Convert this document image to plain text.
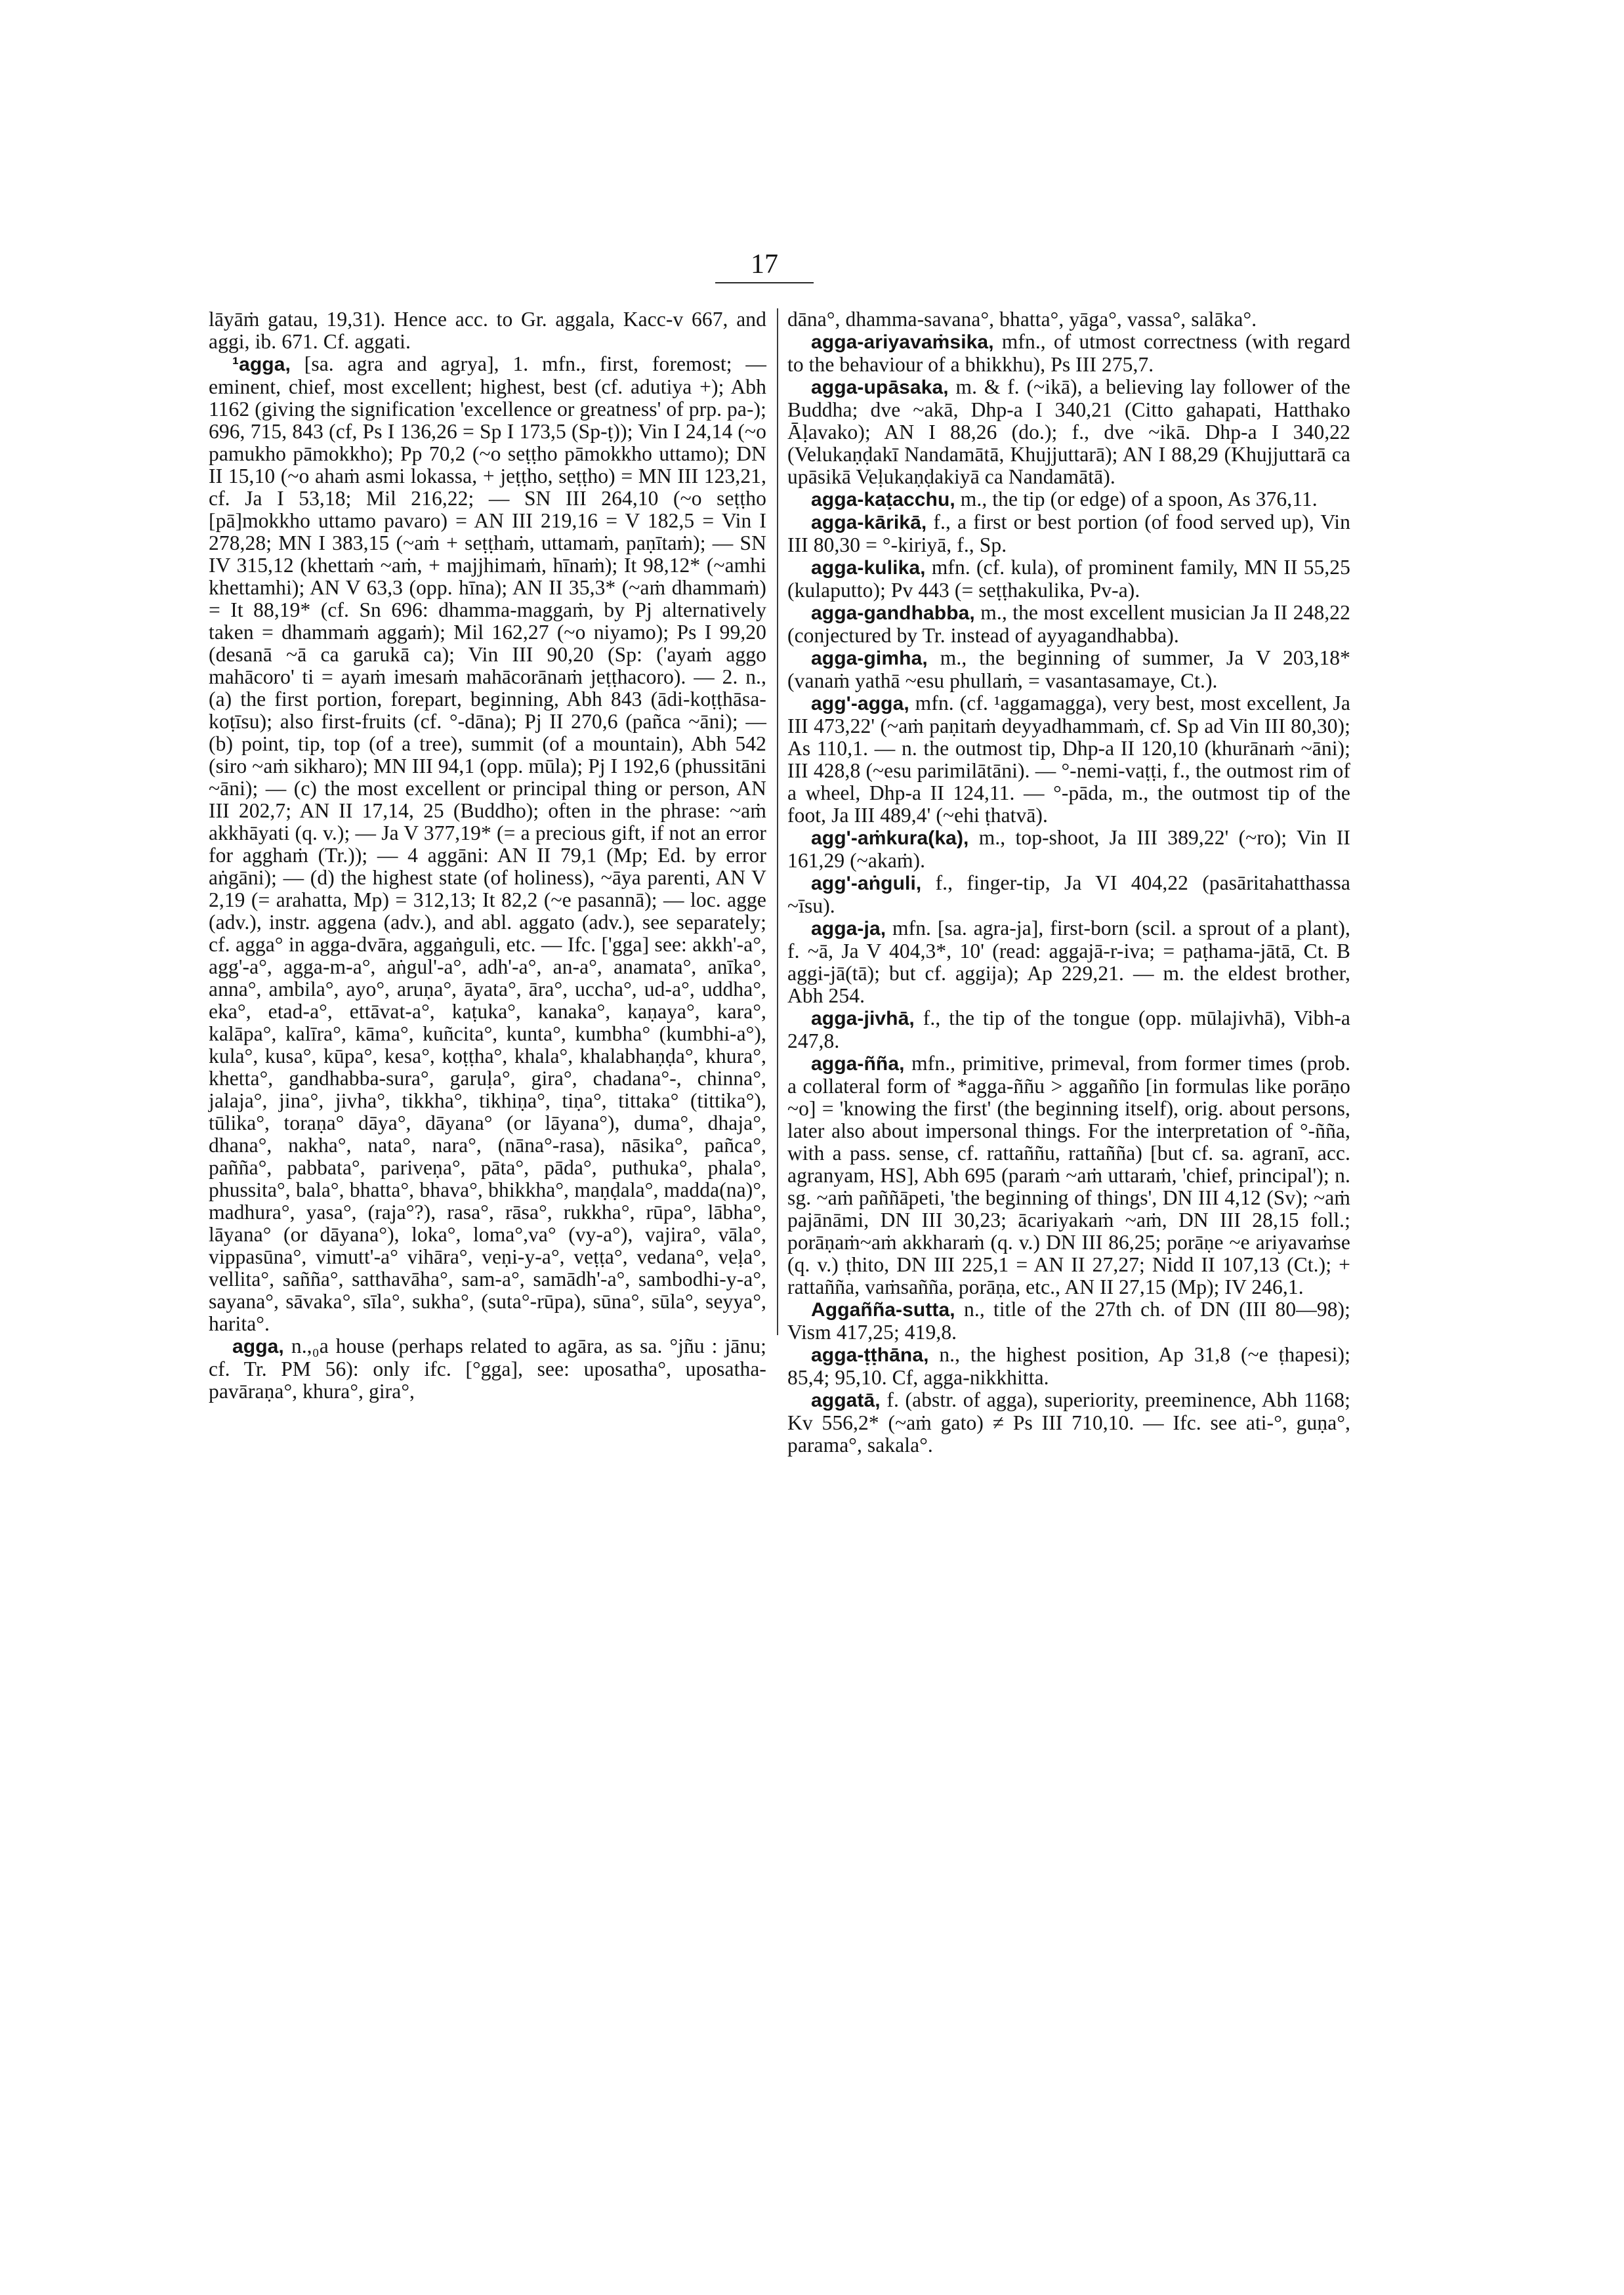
17

lāyāṁ gatau, 19,31). Hence acc. to Gr. aggala, Kacc-v 667, and aggi, ib. 671. Cf. aggati.

¹agga, [sa. agra and agrya], 1. mfn., first, foremost; — eminent, chief, most excellent; highest, best (cf. adutiya +); Abh 1162 (giving the signification 'excellence or greatness' of prp. pa-); 696, 715, 843 (cf, Ps I 136,26 = Sp I 173,5 (Sp-ṭ)); Vin I 24,14 (~o pamukho pāmokkho); Pp 70,2 (~o seṭṭho pāmokkho uttamo); DN II 15,10 (~o ahaṁ asmi lokassa, + jeṭṭho, seṭṭho) = MN III 123,21, cf. Ja I 53,18; Mil 216,22; — SN III 264,10 (~o seṭṭho [pā]mokkho uttamo pavaro) = AN III 219,16 = V 182,5 = Vin I 278,28; MN I 383,15 (~aṁ + seṭṭhaṁ, uttamaṁ, paṇītaṁ); — SN IV 315,12 (khettaṁ ~aṁ, + majjhimaṁ, hīnaṁ); It 98,12* (~amhi khettamhi); AN V 63,3 (opp. hīna); AN II 35,3* (~aṁ dhammaṁ) = It 88,19* (cf. Sn 696: dhamma-maggaṁ, by Pj alternatively taken = dhammaṁ aggaṁ); Mil 162,27 (~o niyamo); Ps I 99,20 (desanā ~ā ca garukā ca); Vin III 90,20 (Sp: ('ayaṁ aggo mahācoro' ti = ayaṁ imesaṁ mahācorānaṁ jeṭṭhacoro). — 2. n., (a) the first portion, forepart, beginning, Abh 843 (ādi-koṭṭhāsa-koṭīsu); also first-fruits (cf. °-dāna); Pj II 270,6 (pañca ~āni); — (b) point, tip, top (of a tree), summit (of a mountain), Abh 542 (siro ~aṁ sikharo); MN III 94,1 (opp. mūla); Pj I 192,6 (phussitāni ~āni); — (c) the most excellent or principal thing or person, AN III 202,7; AN II 17,14, 25 (Buddho); often in the phrase: ~aṁ akkhāyati (q. v.); — Ja V 377,19* (= a precious gift, if not an error for agghaṁ (Tr.)); — 4 aggāni: AN II 79,1 (Mp; Ed. by error aṅgāni); — (d) the highest state (of holiness), ~āya parenti, AN V 2,19 (= arahatta, Mp) = 312,13; It 82,2 (~e pasannā); — loc. agge (adv.), instr. aggena (adv.), and abl. aggato (adv.), see separately; cf. agga° in agga-dvāra, aggaṅguli, etc. — Ifc. ['gga] see: akkh'-a°, agg'-a°, agga-m-a°, aṅgul'-a°, adh'-a°, an-a°, anamata°, anīka°, anna°, ambila°, ayo°, aruṇa°, āyata°, āra°, uccha°, ud-a°, uddha°, eka°, etad-a°, ettāvat-a°, kaṭuka°, kanaka°, kaṇaya°, kara°, kalāpa°, kalīra°, kāma°, kuñcita°, kunta°, kumbha° (kumbhi-a°), kula°, kusa°, kūpa°, kesa°, koṭṭha°, khala°, khalabhaṇḍa°, khura°, khetta°, gandhabba-sura°, garuḷa°, gira°, chadana°-, chinna°, jalaja°, jina°, jivha°, tikkha°, tikhiṇa°, tiṇa°, tittaka° (tittika°), tūlika°, toraṇa° dāya°, dāyana° (or lāyana°), duma°, dhaja°, dhana°, nakha°, nata°, nara°, (nāna°-rasa), nāsika°, pañca°, pañña°, pabbata°, pariveṇa°, pāta°, pāda°, puthuka°, phala°, phussita°, bala°, bhatta°, bhava°, bhikkha°, maṇḍala°, madda(na)°, madhura°, yasa°, (raja°?), rasa°, rāsa°, rukkha°, rūpa°, lābha°, lāyana° (or dāyana°), loka°, loma°,va° (vy-a°), vajira°, vāla°, vippasūna°, vimutt'-a° vihāra°, veṇi-y-a°, veṭṭa°, vedana°, veḷa°, vellita°, sañña°, satthavāha°, sam-a°, samādh'-a°, sambodhi-y-a°, sayana°, sāvaka°, sīla°, sukha°, (suta°-rūpa), sūna°, sūla°, seyya°, harita°.

agga, n.,₀a house (perhaps related to agāra, as sa. °jñu : jānu; cf. Tr. PM 56): only ifc. [°gga], see: uposatha°, uposatha-pavāraṇa°, khura°, gira°,

dāna°, dhamma-savana°, bhatta°, yāga°, vassa°, salāka°.

agga-ariyavaṁsika, mfn., of utmost correctness (with regard to the behaviour of a bhikkhu), Ps III 275,7.

agga-upāsaka, m. & f. (~ikā), a believing lay follower of the Buddha; dve ~akā, Dhp-a I 340,21 (Citto gahapati, Hatthako Āḷavako); AN I 88,26 (do.); f., dve ~ikā. Dhp-a I 340,22 (Velukaṇḍakī Nandamātā, Khujjuttarā); AN I 88,29 (Khujjuttarā ca upāsikā Veḷukaṇḍakiyā ca Nandamātā).

agga-kaṭacchu, m., the tip (or edge) of a spoon, As 376,11.

agga-kārikā, f., a first or best portion (of food served up), Vin III 80,30 = °-kiriyā, f., Sp.

agga-kulika, mfn. (cf. kula), of prominent family, MN II 55,25 (kulaputto); Pv 443 (= seṭṭhakulika, Pv-a).

agga-gandhabba, m., the most excellent musician Ja II 248,22 (conjectured by Tr. instead of ayyagandhabba).

agga-gimha, m., the beginning of summer, Ja V 203,18* (vanaṁ yathā ~esu phullaṁ, = vasantasamaye, Ct.).

agg'-agga, mfn. (cf. ¹aggamagga), very best, most excellent, Ja III 473,22' (~aṁ paṇitaṁ deyyadhammaṁ, cf. Sp ad Vin III 80,30); As 110,1. — n. the outmost tip, Dhp-a II 120,10 (khurānaṁ ~āni); III 428,8 (~esu parimilātāni). — °-nemi-vaṭṭi, f., the outmost rim of a wheel, Dhp-a II 124,11. — °-pāda, m., the outmost tip of the foot, Ja III 489,4' (~ehi ṭhatvā).

agg'-aṁkura(ka), m., top-shoot, Ja III 389,22' (~ro); Vin II 161,29 (~akaṁ).

agg'-aṅguli, f., finger-tip, Ja VI 404,22 (pasāritahatthassa ~īsu).

agga-ja, mfn. [sa. agra-ja], first-born (scil. a sprout of a plant), f. ~ā, Ja V 404,3*, 10' (read: aggajā-r-iva; = paṭhama-jātā, Ct. B aggi-jā(tā); but cf. aggija); Ap 229,21. — m. the eldest brother, Abh 254.

agga-jivhā, f., the tip of the tongue (opp. mūlajivhā), Vibh-a 247,8.

agga-ñña, mfn., primitive, primeval, from former times (prob. a collateral form of *agga-ññu > aggañño [in formulas like porāṇo ~o] = 'knowing the first' (the beginning itself), orig. about persons, later also about impersonal things. For the interpretation of °-ñña, with a pass. sense, cf. rattaññu, rattañña) [but cf. sa. agranī, acc. agranyam, HS], Abh 695 (paraṁ ~aṁ uttaraṁ, 'chief, principal'); n. sg. ~aṁ paññāpeti, 'the beginning of things', DN III 4,12 (Sv); ~aṁ pajānāmi, DN III 30,23; ācariyakaṁ ~aṁ, DN III 28,15 foll.; porāṇaṁ~aṁ akkharaṁ (q. v.) DN III 86,25; porāṇe ~e ariyavaṁse (q. v.) ṭhito, DN III 225,1 = AN II 27,27; Nidd II 107,13 (Ct.); + rattañña, vaṁsañña, porāṇa, etc., AN II 27,15 (Mp); IV 246,1.

Aggañña-sutta, n., title of the 27th ch. of DN (III 80—98); Vism 417,25; 419,8.

agga-ṭṭhāna, n., the highest position, Ap 31,8 (~e ṭhapesi); 85,4; 95,10. Cf, agga-nikkhitta.

aggatā, f. (abstr. of agga), superiority, preeminence, Abh 1168; Kv 556,2* (~aṁ gato) ≠ Ps III 710,10. — Ifc. see ati-°, guṇa°, parama°, sakala°.
